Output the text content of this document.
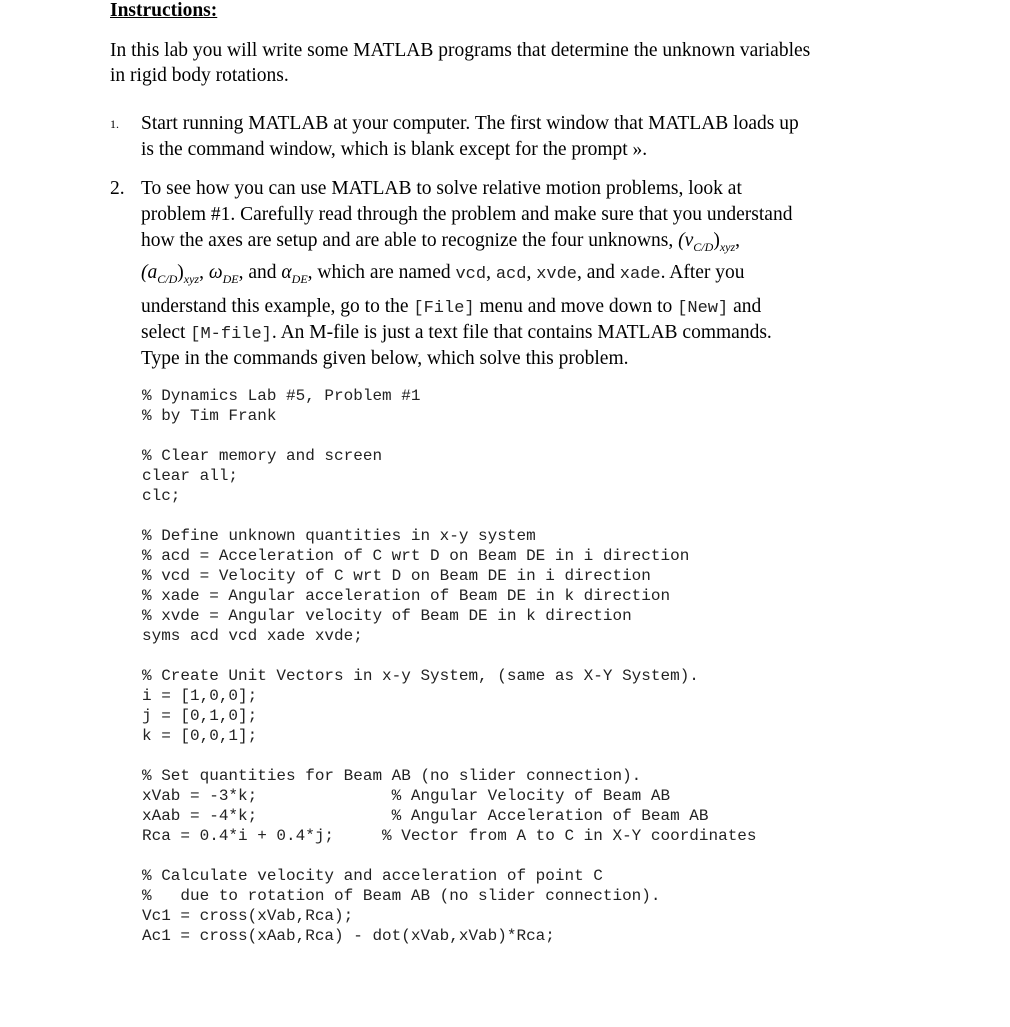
Instructions:
In this lab you will write some MATLAB programs that determine the unknown variables in rigid body rotations.
1. Start running MATLAB at your computer. The first window that MATLAB loads up
is the command window, which is blank except for the prompt ».
2. To see how you can use MATLAB to solve relative motion problems, look at
problem #1. Carefully read through the problem and make sure that you understand
how the axes are setup and are able to recognize the four unknowns, $(v_{C/D})_{xyz}$,
$(a_{C/D})_{xyz}$, $\omega_{DE}$, and $\alpha_{DE}$, which are named vcd, acd, xvde, and xade. After you
understand this example, go to the [File] menu and move down to [New] and
select [M-file]. An M-file is just a text file that contains MATLAB commands.
Type in the commands given below, which solve this problem.
% Dynamics Lab #5, Problem #1
% by Tim Frank
% Clear memory and screen
clear all;
clc;
% Define unknown quantities in x-y system
% acd = Acceleration of C wrt D on Beam DE in i direction
% vcd = Velocity of C wrt D on Beam DE in i direction
% xade = Angular acceleration of Beam DE in k direction
% xvde = Angular velocity of Beam DE in k direction
syms acd vcd xade xvde;
% Create Unit Vectors in x-y System, (same as X-Y System).
i = [1,0,0];
j = [0,1,0];
k = [0,0,1];
% Set quantities for Beam AB (no slider connection).
xVab = -3*k;              % Angular Velocity of Beam AB
xAab = -4*k;              % Angular Acceleration of Beam AB
Rca = 0.4*i + 0.4*j;     % Vector from A to C in X-Y coordinates
% Calculate velocity and acceleration of point C
%   due to rotation of Beam AB (no slider connection).
Vc1 = cross(xVab,Rca);
Ac1 = cross(xAab,Rca) - dot(xVab,xVab)*Rca;
